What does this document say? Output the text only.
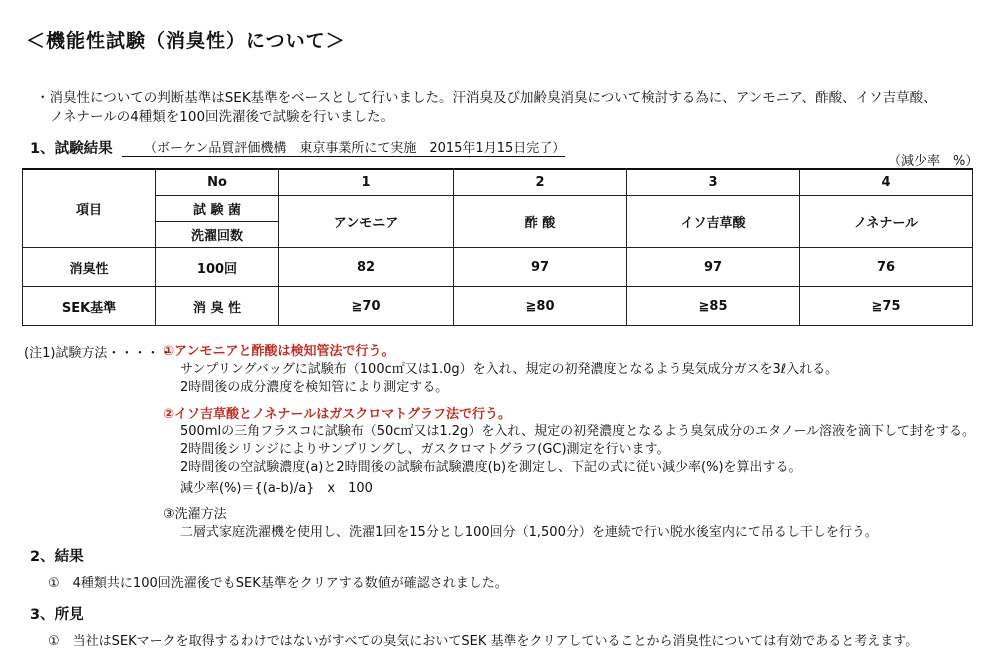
＜機能性試験（消臭性）について＞
・消臭性についての判断基準はSEK基準をベースとして行いました。汗消臭及び加齢臭消臭について検討する為に、アンモニア、酢酸、イソ吉草酸、
ノネナールの4種類を100回洗濯後で試験を行いました。
1、試験結果	（ボーケン品質評価機構　東京事業所にて実施　2015年1月15日完了）
（減少率　%）
項目	No	1	2	3	4
	試 験 菌	アンモニア	酢 酸	イソ吉草酸	ノネナール
	洗濯回数				
消臭性	100回	82	97	97	76
SEK基準	消 臭 性	≧70	≧80	≧85	≧75
(注1)試験方法・・・・・
①アンモニアと酢酸は検知管法で行う。
サンプリングバッグに試験布（100c㎡又は1.0g）を入れ、規定の初発濃度となるよう臭気成分ガスを3ℓ入れる。
2時間後の成分濃度を検知管により測定する。
②イソ吉草酸とノネナールはガスクロマトグラフ法で行う。
500mlの三角フラスコに試験布（50c㎡又は1.2g）を入れ、規定の初発濃度となるよう臭気成分のエタノール溶液を滴下して封をする。
2時間後シリンジによりサンプリングし、ガスクロマトグラフ(GC)測定を行います。
2時間後の空試験濃度(a)と2時間後の試験布試験濃度(b)を測定し、下記の式に従い減少率(%)を算出する。
減少率(%)＝{(a-b)/a}　x　100
③洗濯方法
二層式家庭洗濯機を使用し、洗濯1回を15分とし100回分（1,500分）を連続で行い脱水後室内にて吊るし干しを行う。
2、結果
①　4種類共に100回洗濯後でもSEK基準をクリアする数値が確認されました。
3、所見
①　当社はSEKマークを取得するわけではないがすべての臭気においてSEK 基準をクリアしていることから消臭性については有効であると考えます。
